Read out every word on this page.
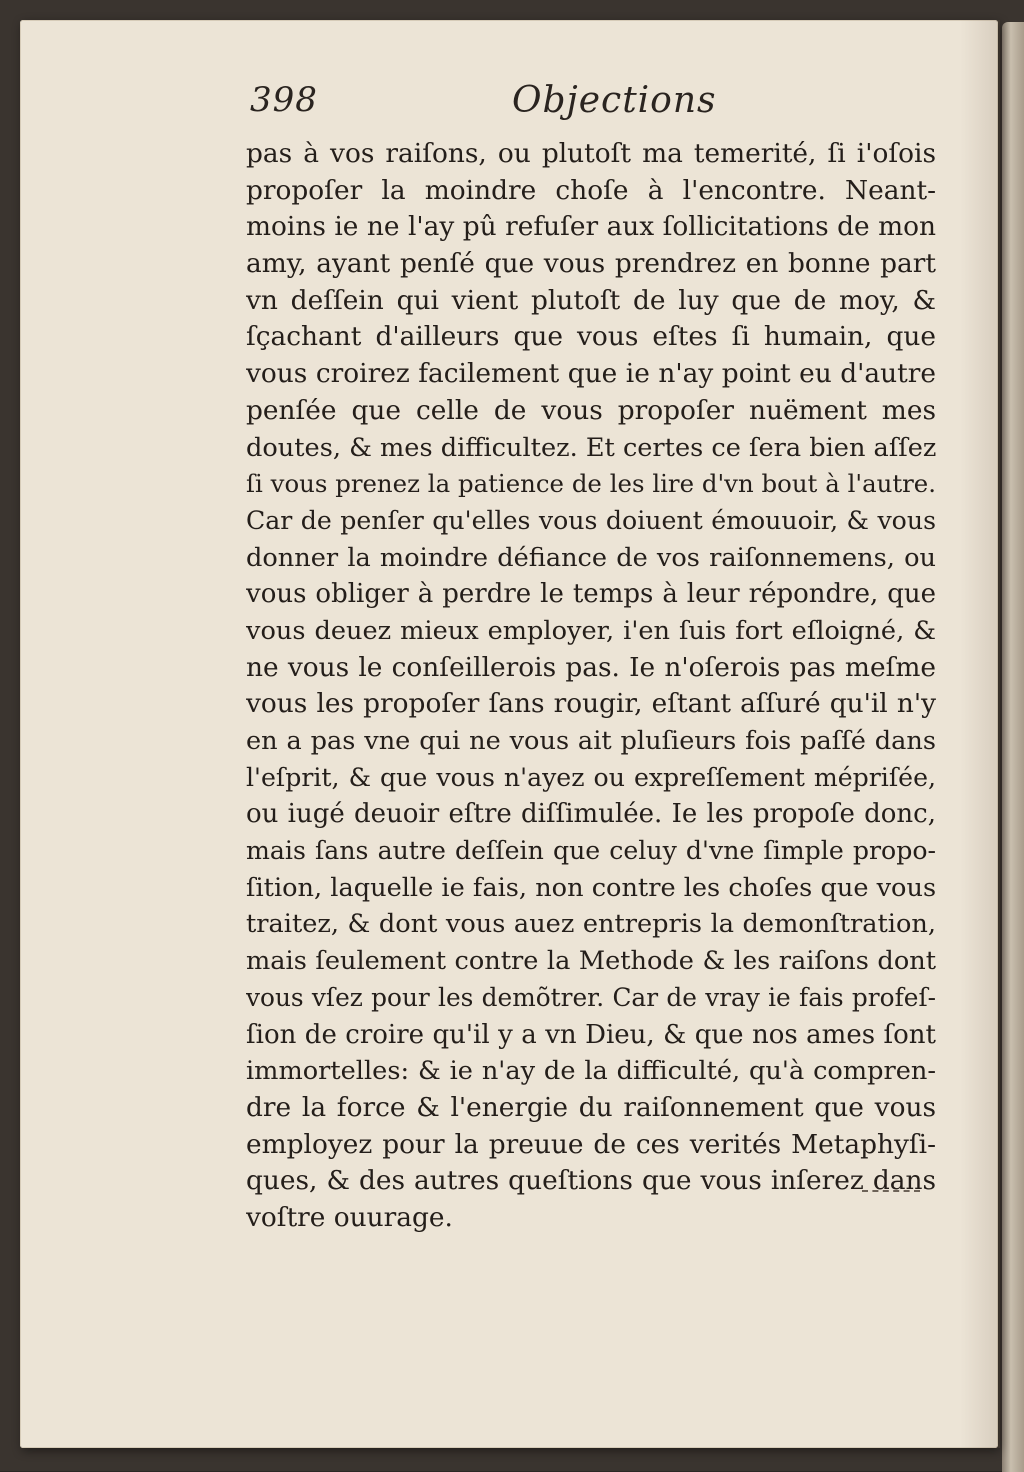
398	Objections
pas à vos raiſons, ou plutoſt ma temerité, ſi i'oſois
propoſer la moindre choſe à l'encontre. Neant-
moins ie ne l'ay pû refuſer aux ſollicitations de mon
amy, ayant penſé que vous prendrez en bonne part
vn deſſein qui vient plutoſt de luy que de moy, &
ſçachant d'ailleurs que vous eſtes ſi humain, que
vous croirez facilement que ie n'ay point eu d'autre
penſée que celle de vous propoſer nuëment mes
doutes, & mes difficultez. Et certes ce ſera bien aſſez
ſi vous prenez la patience de les lire d'vn bout à l'autre.
Car de penſer qu'elles vous doiuent émouuoir, & vous
donner la moindre défiance de vos raiſonnemens, ou
vous obliger à perdre le temps à leur répondre, que
vous deuez mieux employer, i'en ſuis fort eſloigné, &
ne vous le conſeillerois pas. Ie n'oſerois pas meſme
vous les propoſer ſans rougir, eſtant aſſuré qu'il n'y
en a pas vne qui ne vous ait pluſieurs fois paſſé dans
l'eſprit, & que vous n'ayez ou expreſſement mépriſée,
ou iugé deuoir eſtre diſſimulée. Ie les propoſe donc,
mais ſans autre deſſein que celuy d'vne ſimple propo-
ſition, laquelle ie fais, non contre les choſes que vous
traitez, & dont vous auez entrepris la demonſtration,
mais ſeulement contre la Methode & les raiſons dont
vous vſez pour les demõtrer. Car de vray ie fais profeſ-
ſion de croire qu'il y a vn Dieu, & que nos ames ſont
immortelles: & ie n'ay de la difficulté, qu'à compren-
dre la force & l'energie du raiſonnement que vous
employez pour la preuue de ces verités Metaphyſi-
ques, & des autres queſtions que vous inſerez dans
voſtre ouurage.
